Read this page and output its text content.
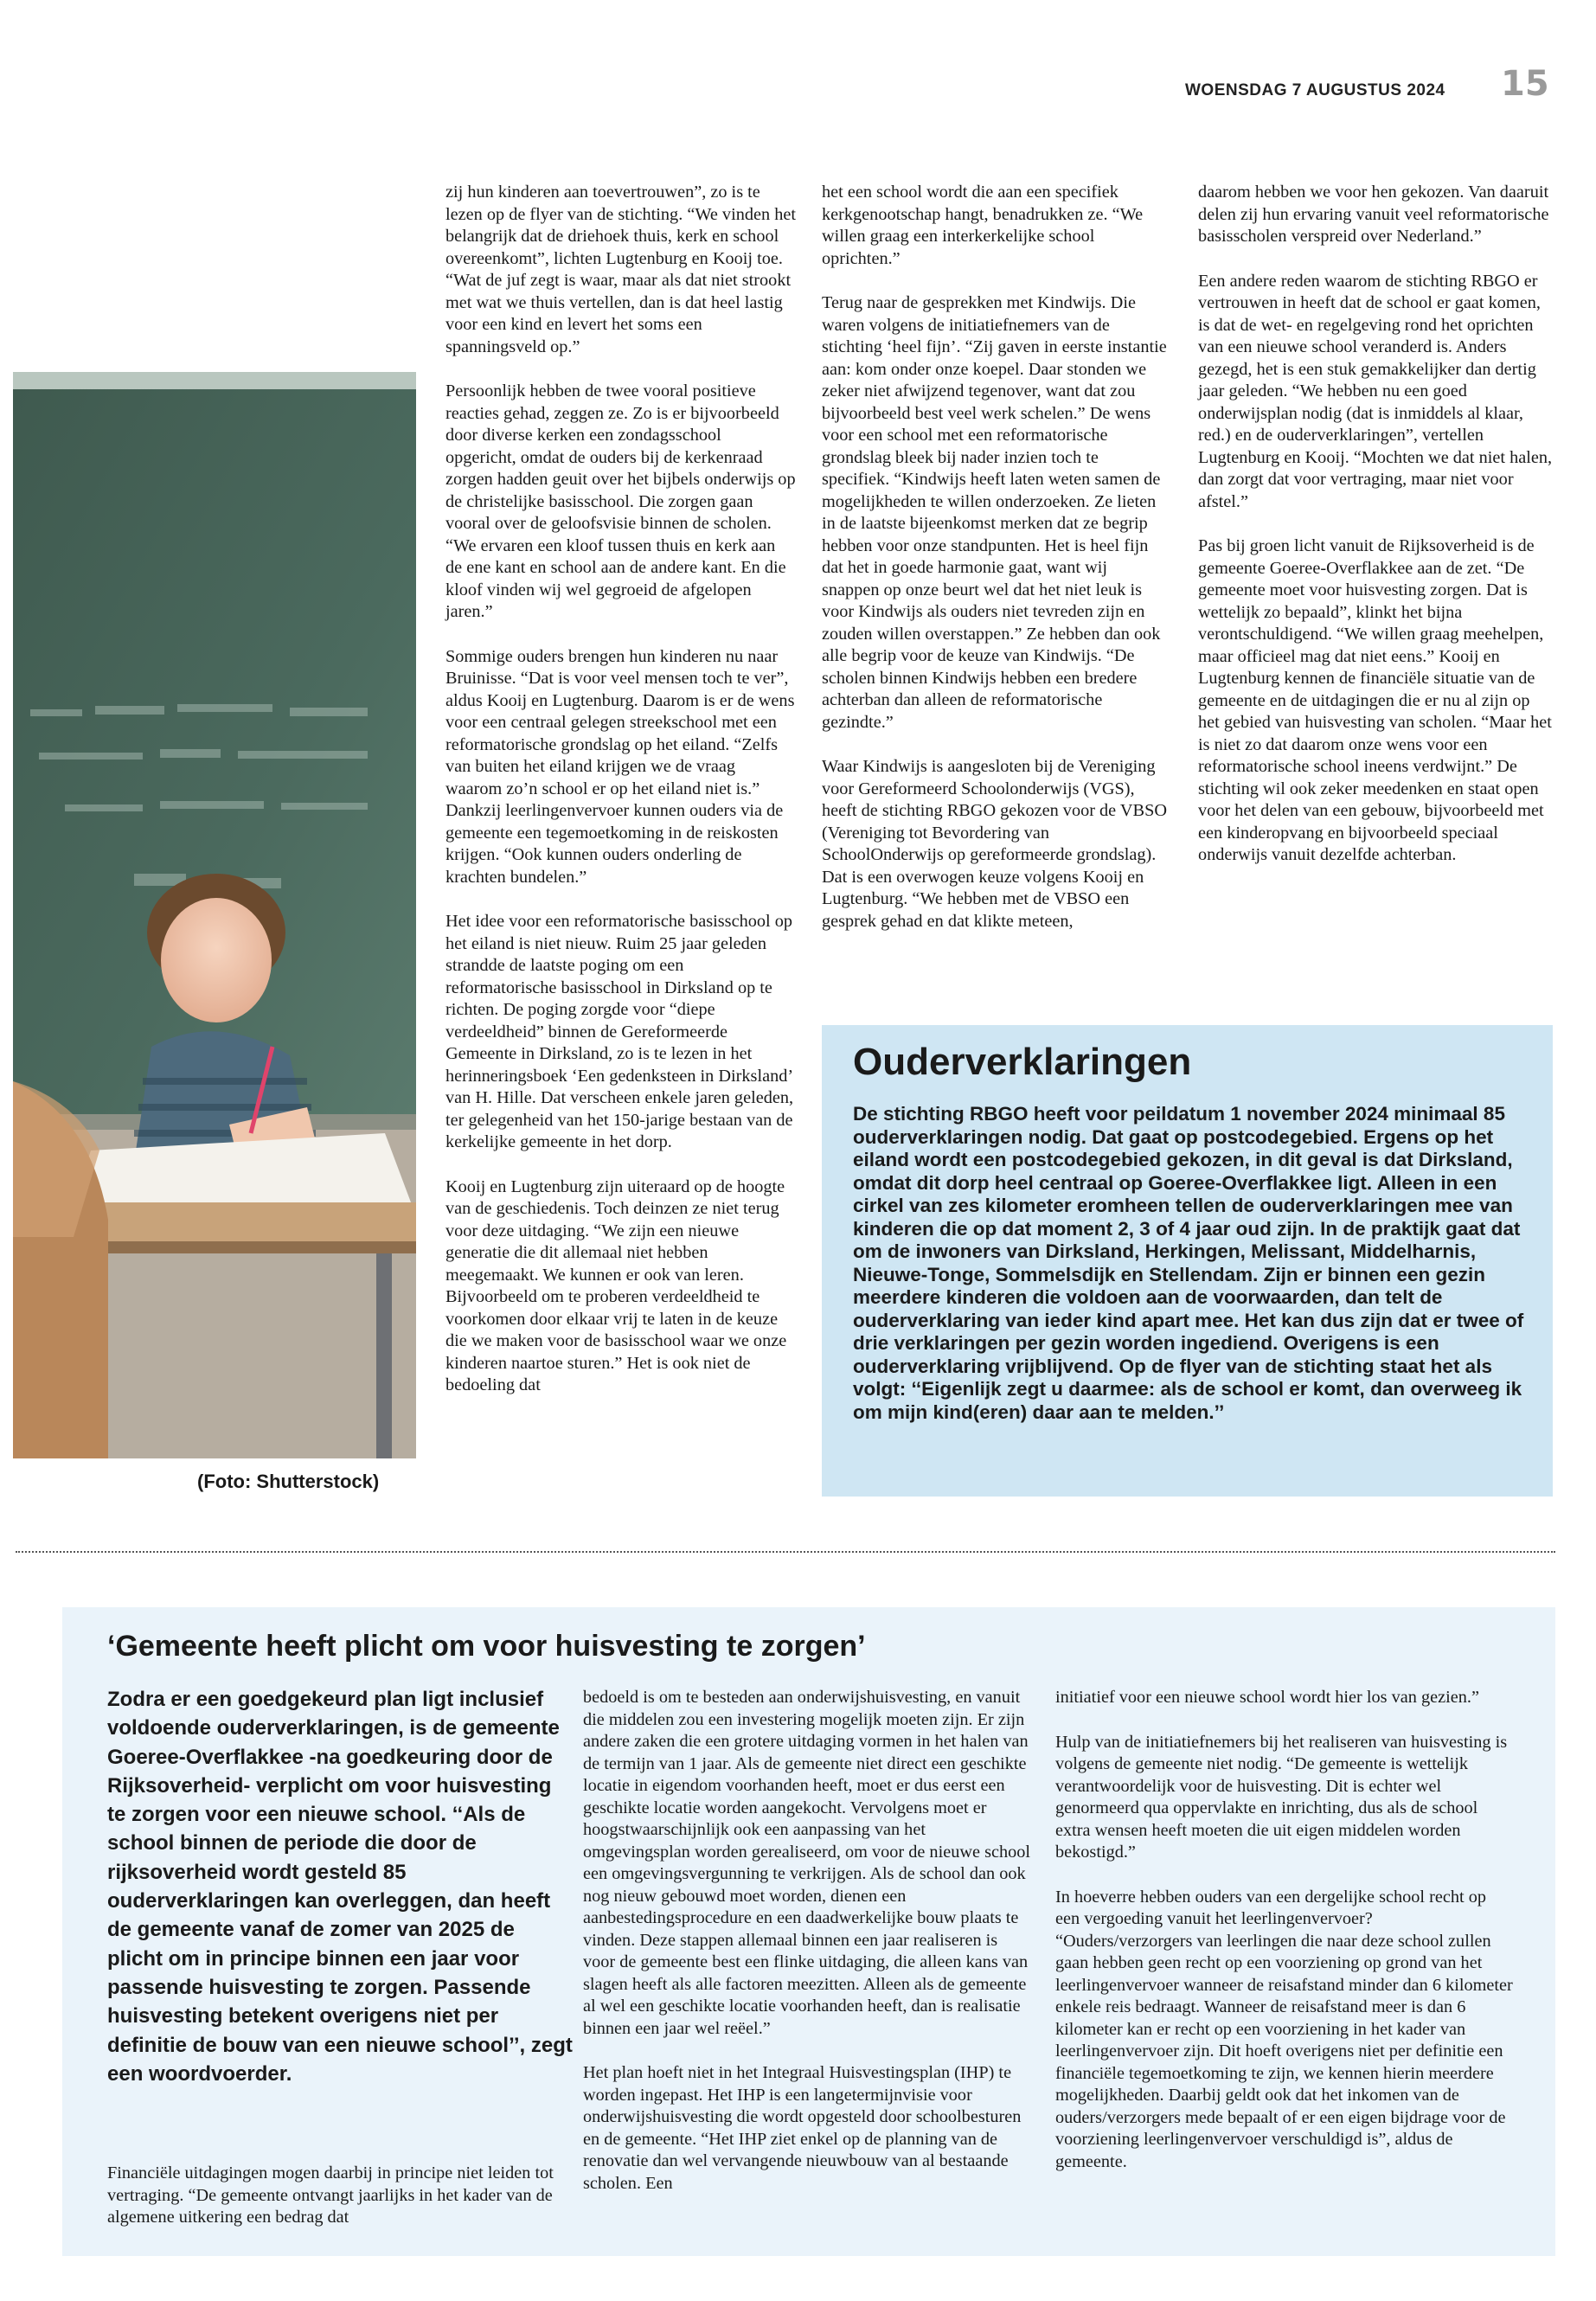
WOENSDAG 7 AUGUSTUS 2024 15
(Foto: Shutterstock)

zij hun kinderen aan toevertrouwen”, zo is te lezen op de flyer van de stichting. “We vinden het belangrijk dat de driehoek thuis, kerk en school overeenkomt”, lichten Lugtenburg en Kooij toe. “Wat de juf zegt is waar, maar als dat niet strookt met wat we thuis vertellen, dan is dat heel lastig voor een kind en levert het soms een spanningsveld op.”

Persoonlijk hebben de twee vooral positieve reacties gehad, zeggen ze. Zo is er bijvoorbeeld door diverse kerken een zondagsschool opgericht, omdat de ouders bij de kerkenraad zorgen hadden geuit over het bijbels onderwijs op de christelijke basisschool. Die zorgen gaan vooral over de geloofsvisie binnen de scholen. “We ervaren een kloof tussen thuis en kerk aan de ene kant en school aan de andere kant. En die kloof vinden wij wel gegroeid de afgelopen jaren.”

Sommige ouders brengen hun kinderen nu naar Bruinisse. “Dat is voor veel mensen toch te ver”, aldus Kooij en Lugtenburg. Daarom is er de wens voor een centraal gelegen streekschool met een reformatorische grondslag op het eiland. “Zelfs van buiten het eiland krijgen we de vraag waarom zo’n school er op het eiland niet is.” Dankzij leerlingenvervoer kunnen ouders via de gemeente een tegemoetkoming in de reiskosten krijgen. “Ook kunnen ouders onderling de krachten bundelen.”

Het idee voor een reformatorische basisschool op het eiland is niet nieuw. Ruim 25 jaar geleden strandde de laatste poging om een reformatorische basisschool in Dirksland op te richten. De poging zorgde voor “diepe verdeeldheid” binnen de Gereformeerde Gemeente in Dirksland, zo is te lezen in het herinneringsboek ‘Een gedenksteen in Dirksland’ van H. Hille. Dat verscheen enkele jaren geleden, ter gelegenheid van het 150-jarige bestaan van de kerkelijke gemeente in het dorp.

Kooij en Lugtenburg zijn uiteraard op de hoogte van de geschiedenis. Toch deinzen ze niet terug voor deze uitdaging. “We zijn een nieuwe generatie die dit allemaal niet hebben meegemaakt. We kunnen er ook van leren. Bijvoorbeeld om te proberen verdeeldheid te voorkomen door elkaar vrij te laten in de keuze die we maken voor de basisschool waar we onze kinderen naartoe sturen.” Het is ook niet de bedoeling dat

het een school wordt die aan een specifiek kerkgenootschap hangt, benadrukken ze. “We willen graag een interkerkelijke school oprichten.”

Terug naar de gesprekken met Kindwijs. Die waren volgens de initiatiefnemers van de stichting ‘heel fijn’. “Zij gaven in eerste instantie aan: kom onder onze koepel. Daar stonden we zeker niet afwijzend tegenover, want dat zou bijvoorbeeld best veel werk schelen.” De wens voor een school met een reformatorische grondslag bleek bij nader inzien toch te specifiek. “Kindwijs heeft laten weten samen de mogelijkheden te willen onderzoeken. Ze lieten in de laatste bijeenkomst merken dat ze begrip hebben voor onze standpunten. Het is heel fijn dat het in goede harmonie gaat, want wij snappen op onze beurt wel dat het niet leuk is voor Kindwijs als ouders niet tevreden zijn en zouden willen overstappen.” Ze hebben dan ook alle begrip voor de keuze van Kindwijs. “De scholen binnen Kindwijs hebben een bredere achterban dan alleen de reformatorische gezindte.”

Waar Kindwijs is aangesloten bij de Vereniging voor Gereformeerd Schoolonderwijs (VGS), heeft de stichting RBGO gekozen voor de VBSO (Vereniging tot Bevordering van SchoolOnderwijs op gereformeerde grondslag). Dat is een overwogen keuze volgens Kooij en Lugtenburg. “We hebben met de VBSO een gesprek gehad en dat klikte meteen,

daarom hebben we voor hen gekozen. Van daaruit delen zij hun ervaring vanuit veel reformatorische basisscholen verspreid over Nederland.”

Een andere reden waarom de stichting RBGO er vertrouwen in heeft dat de school er gaat komen, is dat de wet- en regelgeving rond het oprichten van een nieuwe school veranderd is. Anders gezegd, het is een stuk gemakkelijker dan dertig jaar geleden. “We hebben nu een goed onderwijsplan nodig (dat is inmiddels al klaar, red.) en de ouderverklaringen”, vertellen Lugtenburg en Kooij. “Mochten we dat niet halen, dan zorgt dat voor vertraging, maar niet voor afstel.”

Pas bij groen licht vanuit de Rijksoverheid is de gemeente Goeree-Overflakkee aan de zet. “De gemeente moet voor huisvesting zorgen. Dat is wettelijk zo bepaald”, klinkt het bijna verontschuldigend. “We willen graag meehelpen, maar officieel mag dat niet eens.” Kooij en Lugtenburg kennen de financiële situatie van de gemeente en de uitdagingen die er nu al zijn op het gebied van huisvesting van scholen. “Maar het is niet zo dat daarom onze wens voor een reformatorische school ineens verdwijnt.” De stichting wil ook zeker meedenken en staat open voor het delen van een gebouw, bijvoorbeeld met een kinderopvang en bijvoorbeeld speciaal onderwijs vanuit dezelfde achterban.

Ouderverklaringen
De stichting RBGO heeft voor peildatum 1 november 2024 minimaal 85 ouderverklaringen nodig. Dat gaat op postcodegebied. Ergens op het eiland wordt een postcodegebied gekozen, in dit geval is dat Dirksland, omdat dit dorp heel centraal op Goeree-Overflakkee ligt. Alleen in een cirkel van zes kilometer eromheen tellen de ouderverklaringen mee van kinderen die op dat moment 2, 3 of 4 jaar oud zijn. In de praktijk gaat dat om de inwoners van Dirksland, Herkingen, Melissant, Middelharnis, Nieuwe-Tonge, Sommelsdijk en Stellendam. Zijn er binnen een gezin meerdere kinderen die voldoen aan de voorwaarden, dan telt de ouderverklaring van ieder kind apart mee. Het kan dus zijn dat er twee of drie verklaringen per gezin worden ingediend. Overigens is een ouderverklaring vrijblijvend. Op de flyer van de stichting staat het als volgt: ‘‘Eigenlijk zegt u daarmee: als de school er komt, dan overweeg ik om mijn kind(eren) daar aan te melden.’’
‘Gemeente heeft plicht om voor huisvesting te zorgen’
Zodra er een goedgekeurd plan ligt inclusief voldoende ouderverklaringen, is de gemeente Goeree-Overflakkee -na goedkeuring door de Rijksoverheid- verplicht om voor huisvesting te zorgen voor een nieuwe school. ‘‘Als de school binnen de periode die door de rijksoverheid wordt gesteld 85 ouderverklaringen kan overleggen, dan heeft de gemeente vanaf de zomer van 2025 de plicht om in principe binnen een jaar voor passende huisvesting te zorgen. Passende huisvesting betekent overigens niet per definitie de bouw van een nieuwe school’’, zegt een woordvoerder.

Financiële uitdagingen mogen daarbij in principe niet leiden tot vertraging. “De gemeente ontvangt jaarlijks in het kader van de algemene uitkering een bedrag dat

bedoeld is om te besteden aan onderwijshuisvesting, en vanuit die middelen zou een investering mogelijk moeten zijn. Er zijn andere zaken die een grotere uitdaging vormen in het halen van de termijn van 1 jaar. Als de gemeente niet direct een geschikte locatie in eigendom voorhanden heeft, moet er dus eerst een geschikte locatie worden aangekocht. Vervolgens moet er hoogstwaarschijnlijk ook een aanpassing van het omgevingsplan worden gerealiseerd, om voor de nieuwe school een omgevingsvergunning te verkrijgen. Als de school dan ook nog nieuw gebouwd moet worden, dienen een aanbestedingsprocedure en een daadwerkelijke bouw plaats te vinden. Deze stappen allemaal binnen een jaar realiseren is voor de gemeente best een flinke uitdaging, die alleen kans van slagen heeft als alle factoren meezitten. Alleen als de gemeente al wel een geschikte locatie voorhanden heeft, dan is realisatie binnen een jaar wel reëel.”

Het plan hoeft niet in het Integraal Huisvestingsplan (IHP) te worden ingepast. Het IHP is een langetermijnvisie voor onderwijshuisvesting die wordt opgesteld door schoolbesturen en de gemeente. “Het IHP ziet enkel op de planning van de renovatie dan wel vervangende nieuwbouw van al bestaande scholen. Een

initiatief voor een nieuwe school wordt hier los van gezien.”

Hulp van de initiatiefnemers bij het realiseren van huisvesting is volgens de gemeente niet nodig. “De gemeente is wettelijk verantwoordelijk voor de huisvesting. Dit is echter wel genormeerd qua oppervlakte en inrichting, dus als de school extra wensen heeft moeten die uit eigen middelen worden bekostigd.”

In hoeverre hebben ouders van een dergelijke school recht op een vergoeding vanuit het leerlingenvervoer? “Ouders/verzorgers van leerlingen die naar deze school zullen gaan hebben geen recht op een voorziening op grond van het leerlingenvervoer wanneer de reisafstand minder dan 6 kilometer enkele reis bedraagt. Wanneer de reisafstand meer is dan 6 kilometer kan er recht op een voorziening in het kader van leerlingenvervoer zijn. Dit hoeft overigens niet per definitie een financiële tegemoetkoming te zijn, we kennen hierin meerdere mogelijkheden. Daarbij geldt ook dat het inkomen van de ouders/verzorgers mede bepaalt of er een eigen bijdrage voor de voorziening leerlingenvervoer verschuldigd is”, aldus de gemeente.
